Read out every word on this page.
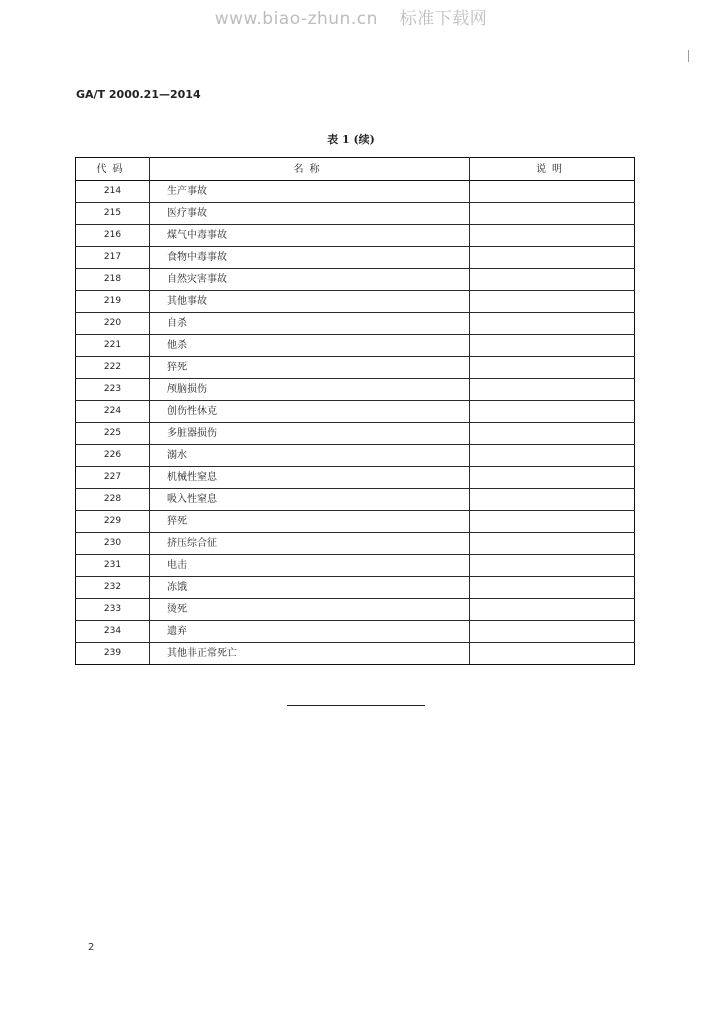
www.biao-zhun.cn 标准下载网
GA/T 2000.21—2014
表 1 (续)
代码	名称	说明
214	生产事故	
215	医疗事故	
216	煤气中毒事故	
217	食物中毒事故	
218	自然灾害事故	
219	其他事故	
220	自杀	
221	他杀	
222	猝死	
223	颅脑损伤	
224	创伤性休克	
225	多脏器损伤	
226	溺水	
227	机械性窒息	
228	吸入性窒息	
229	猝死	
230	挤压综合征	
231	电击	
232	冻饿	
233	烫死	
234	遗弃	
239	其他非正常死亡	
2
